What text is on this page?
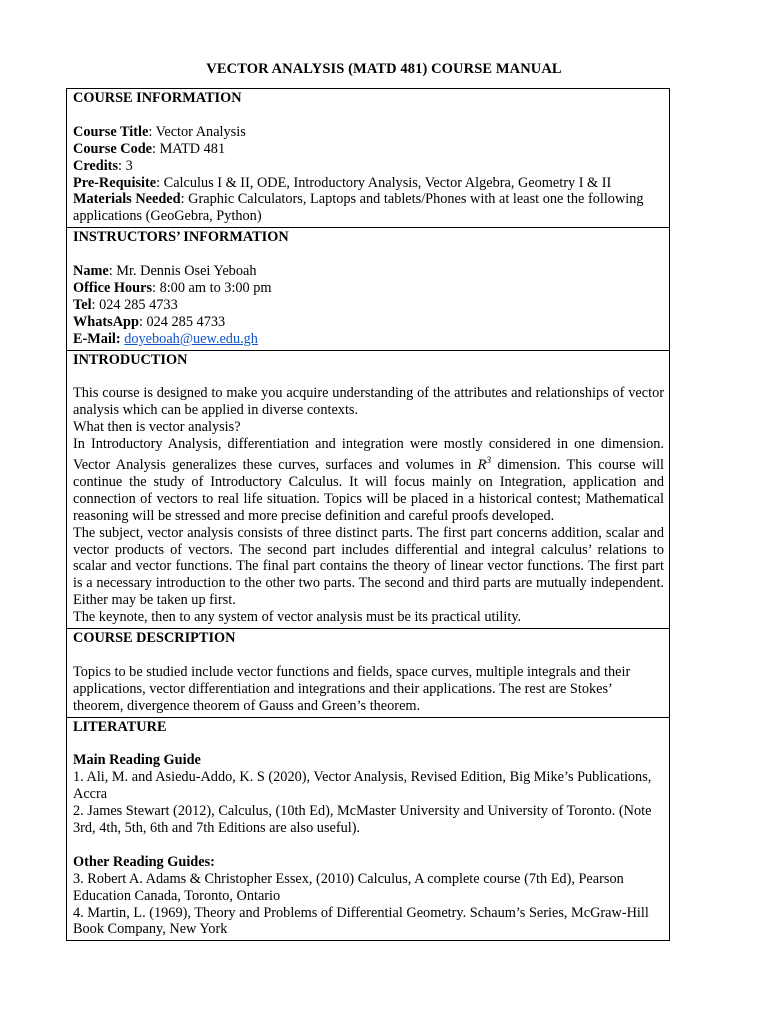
VECTOR ANALYSIS (MATD 481) COURSE MANUAL
COURSE INFORMATION

Course Title: Vector Analysis

Course Code: MATD 481

Credits: 3

Pre-Requisite: Calculus I & II, ODE, Introductory Analysis, Vector Algebra, Geometry I & II

Materials Needed: Graphic Calculators, Laptops and tablets/Phones with at least one the following applications (GeoGebra, Python)

INSTRUCTORS’ INFORMATION

Name: Mr. Dennis Osei Yeboah

Office Hours: 8:00 am to 3:00 pm

Tel: 024 285 4733

WhatsApp: 024 285 4733

E-Mail: doyeboah@uew.edu.gh

INTRODUCTION

This course is designed to make you acquire understanding of the attributes and relationships of vector analysis which can be applied in diverse contexts.

What then is vector analysis?

In Introductory Analysis, differentiation and integration were mostly considered in one dimension. Vector Analysis generalizes these curves, surfaces and volumes in $R^3$ dimension. This course will continue the study of Introductory Calculus. It will focus mainly on Integration, application and connection of vectors to real life situation. Topics will be placed in a historical contest; Mathematical reasoning will be stressed and more precise definition and careful proofs developed.

The subject, vector analysis consists of three distinct parts. The first part concerns addition, scalar and vector products of vectors. The second part includes differential and integral calculus’ relations to scalar and vector functions. The final part contains the theory of linear vector functions. The first part is a necessary introduction to the other two parts. The second and third parts are mutually independent. Either may be taken up first.

The keynote, then to any system of vector analysis must be its practical utility.

COURSE DESCRIPTION

Topics to be studied include vector functions and fields, space curves, multiple integrals and their applications, vector differentiation and integrations and their applications. The rest are Stokes’ theorem, divergence theorem of Gauss and Green’s theorem.

LITERATURE

Main Reading Guide

1. Ali, M. and Asiedu-Addo, K. S (2020), Vector Analysis, Revised Edition, Big Mike’s Publications, Accra

2. James Stewart (2012), Calculus, (10th Ed), McMaster University and University of Toronto. (Note 3rd, 4th, 5th, 6th and 7th Editions are also useful).

Other Reading Guides:

3. Robert A. Adams & Christopher Essex, (2010) Calculus, A complete course (7th Ed), Pearson Education Canada, Toronto, Ontario

4. Martin, L. (1969), Theory and Problems of Differential Geometry. Schaum’s Series, McGraw-Hill Book Company, New York
